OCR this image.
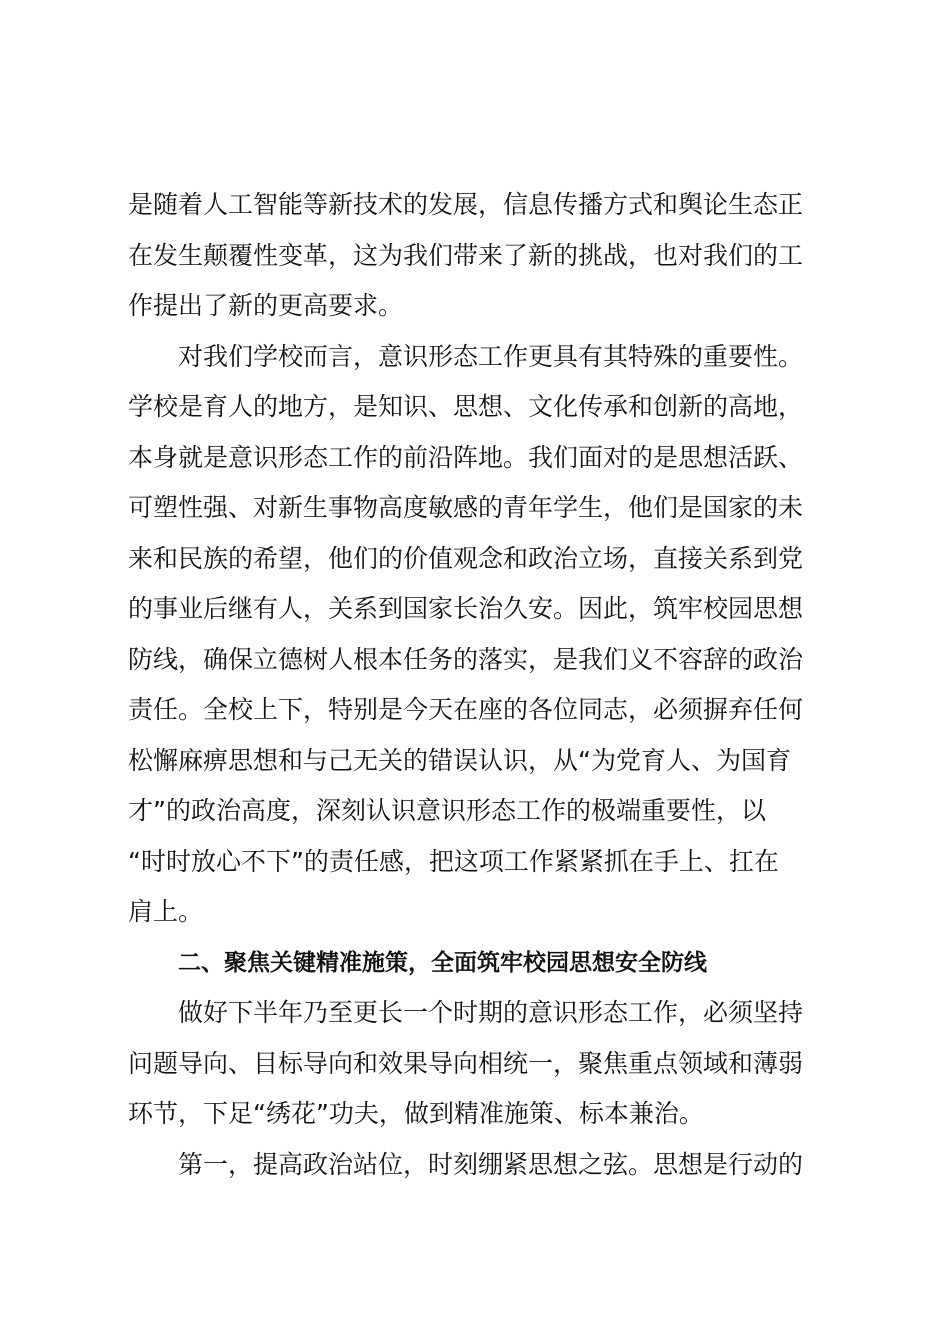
是随着人工智能等新技术的发展，信息传播方式和舆论生态正
在发生颠覆性变革，这为我们带来了新的挑战，也对我们的工
作提出了新的更高要求。
对我们学校而言，意识形态工作更具有其特殊的重要性。
学校是育人的地方，是知识、思想、文化传承和创新的高地，
本身就是意识形态工作的前沿阵地。我们面对的是思想活跃、
可塑性强、对新生事物高度敏感的青年学生，他们是国家的未
来和民族的希望，他们的价值观念和政治立场，直接关系到党
的事业后继有人，关系到国家长治久安。因此，筑牢校园思想
防线，确保立德树人根本任务的落实，是我们义不容辞的政治
责任。全校上下，特别是今天在座的各位同志，必须摒弃任何
松懈麻痹思想和与己无关的错误认识，从“为党育人、为国育
才”的政治高度，深刻认识意识形态工作的极端重要性，以
“时时放心不下”的责任感，把这项工作紧紧抓在手上、扛在
肩上。
二、聚焦关键精准施策，全面筑牢校园思想安全防线
做好下半年乃至更长一个时期的意识形态工作，必须坚持
问题导向、目标导向和效果导向相统一，聚焦重点领域和薄弱
环节，下足“绣花”功夫，做到精准施策、标本兼治。
第一，提高政治站位，时刻绷紧思想之弦。思想是行动的
